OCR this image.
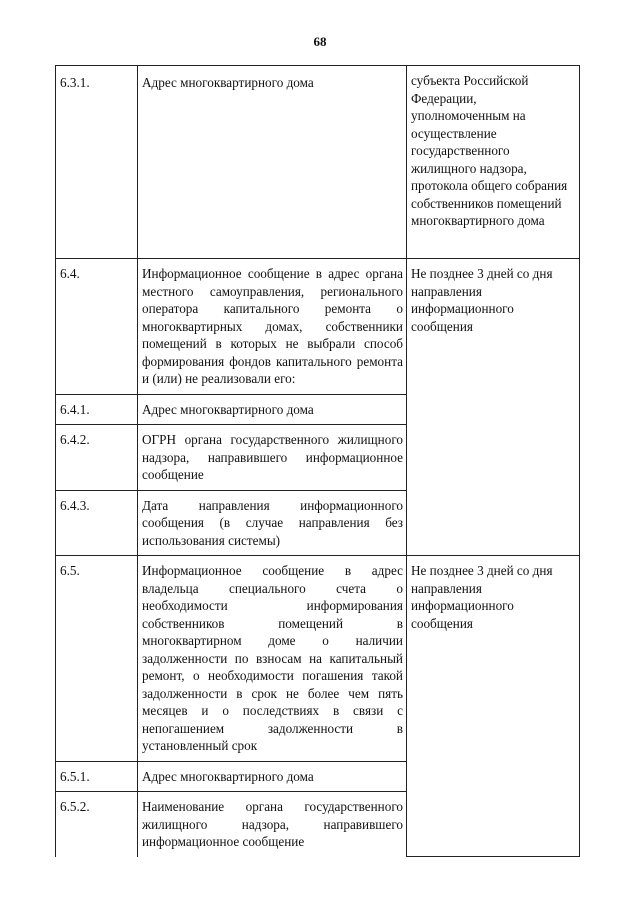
68
6.3.1.	Адрес многоквартирного дома	субъекта Российской Федерации, уполномоченным на осуществление государственного жилищного надзора, протокола общего собрания собственников помещений многоквартирного дома
6.4.	Информационное сообщение в адрес органа местного самоуправления, регионального оператора капитального ремонта о многоквартирных домах, собственники помещений в которых не выбрали способ формирования фондов капитального ремонта и (или) не реализовали его:	Не позднее 3 дней со дня направления информационного сообщения
6.4.1.	Адрес многоквартирного дома	
6.4.2.	ОГРН органа государственного жилищного надзора, направившего информационное сообщение	
6.4.3.	Дата направления информационного сообщения (в случае направления без использования системы)	
6.5.	Информационное сообщение в адрес владельца специального счета о необходимости информирования собственников помещений в многоквартирном доме о наличии задолженности по взносам на капитальный ремонт, о необходимости погашения такой задолженности в срок не более чем пять месяцев и о последствиях в связи с непогашением задолженности в установленный срок	Не позднее 3 дней со дня направления информационного сообщения
6.5.1.	Адрес многоквартирного дома	
6.5.2.	Наименование органа государственного жилищного надзора, направившего информационное сообщение	
